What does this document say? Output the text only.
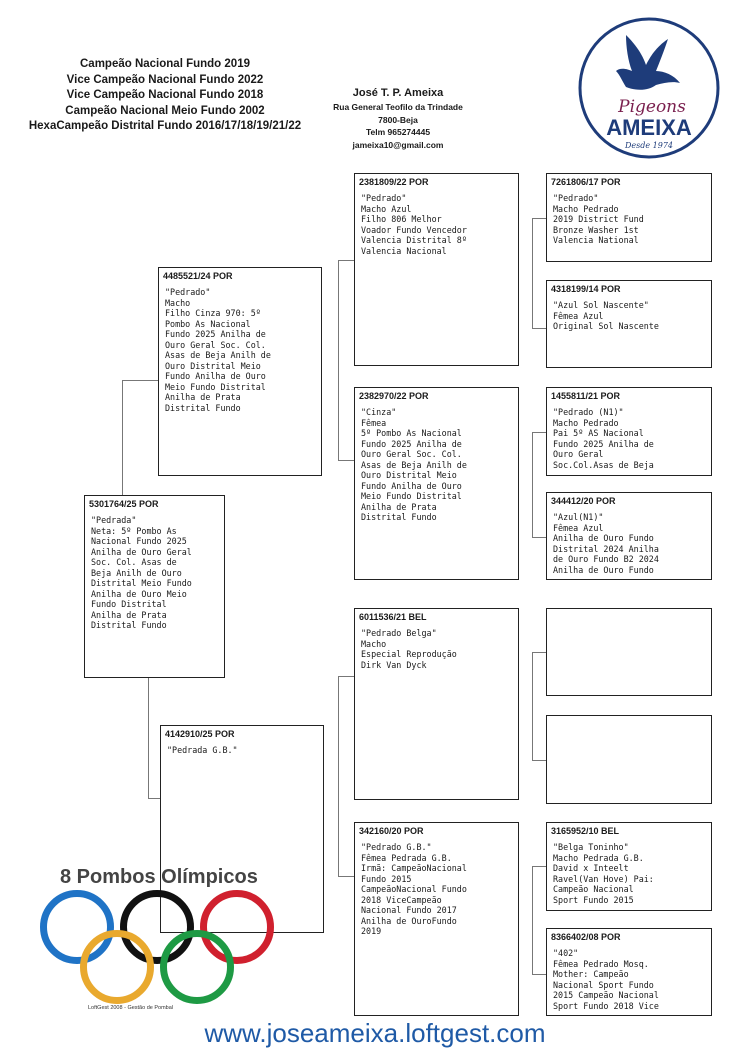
Campeão Nacional Fundo 2019
Vice Campeão Nacional Fundo 2022
Vice Campeão Nacional Fundo 2018
Campeão Nacional Meio Fundo 2002
HexaCampeão Distrital Fundo 2016/17/18/19/21/22
José T. P. Ameixa
Rua General Teofilo da Trindade
7800-Beja
Telm 965274445
jameixa10@gmail.com
Pigeons
AMEIXA
Desde 1974
5301764/25 POR
"Pedrada"
Neta: 5º Pombo As
Nacional Fundo 2025
Anilha de Ouro Geral
Soc. Col. Asas de
Beja Anilh de Ouro
Distrital Meio Fundo
Anilha de Ouro Meio
Fundo Distrital
Anilha de Prata
Distrital Fundo
4485521/24 POR
"Pedrado"
Macho
Filho Cinza 970: 5º
Pombo As Nacional
Fundo 2025 Anilha de
Ouro Geral Soc. Col.
Asas de Beja Anilh de
Ouro Distrital Meio
Fundo Anilha de Ouro
Meio Fundo Distrital
Anilha de Prata
Distrital Fundo
4142910/25 POR
"Pedrada G.B."
2381809/22 POR
"Pedrado"
Macho Azul
Filho 806 Melhor
Voador Fundo Vencedor
Valencia Distrital 8º
Valencia Nacional
2382970/22 POR
"Cinza"
Fêmea
5º Pombo As Nacional
Fundo 2025 Anilha de
Ouro Geral Soc. Col.
Asas de Beja Anilh de
Ouro Distrital Meio
Fundo Anilha de Ouro
Meio Fundo Distrital
Anilha de Prata
Distrital Fundo
6011536/21 BEL
"Pedrado Belga"
Macho
Especial Reprodução
Dirk Van Dyck
342160/20 POR
"Pedrado G.B."
Fêmea Pedrada G.B.
Irmã: CampeãoNacional
Fundo 2015
CampeãoNacional Fundo
2018 ViceCampeão
Nacional Fundo 2017
Anilha de OuroFundo
2019
7261806/17 POR
"Pedrado"
Macho Pedrado
2019 District Fund
Bronze Washer 1st
Valencia National
4318199/14 POR
"Azul Sol Nascente"
Fêmea Azul
Original Sol Nascente
1455811/21 POR
"Pedrado (N1)"
Macho Pedrado
Pai 5º AS Nacional
Fundo 2025 Anilha de
Ouro Geral
Soc.Col.Asas de Beja
344412/20 POR
"Azul(N1)"
Fêmea Azul
Anilha de Ouro Fundo
Distrital 2024 Anilha
de Ouro Fundo B2 2024
Anilha de Ouro Fundo
3165952/10 BEL
"Belga Toninho"
Macho Pedrada G.B.
David x Inteelt
Ravel(Van Hove) Pai:
Campeão Nacional
Sport Fundo 2015
8366402/08 POR
"402"
Fêmea Pedrado Mosq.
Mother: Campeão
Nacional Sport Fundo
2015 Campeão Nacional
Sport Fundo 2018 Vice
8 Pombos Olímpicos
LoftGest 2008 - Gestão de Pombal
www.joseameixa.loftgest.com
